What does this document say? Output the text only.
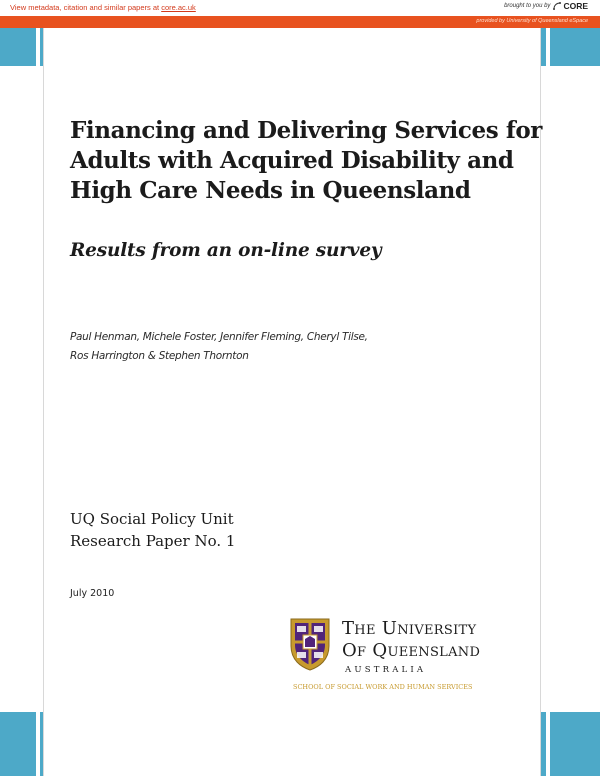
View metadata, citation and similar papers at core.ac.uk	brought to you by CORE
provided by University of Queensland eSpace
Financing and Delivering Services for
Adults with Acquired Disability and
High Care Needs in Queensland
Results from an on-line survey
Paul Henman, Michele Foster, Jennifer Fleming, Cheryl Tilse,
Ros Harrington & Stephen Thornton
UQ Social Policy Unit
Research Paper No. 1
July 2010
The University
Of Queensland
AUSTRALIA
SCHOOL OF SOCIAL WORK AND HUMAN SERVICES
